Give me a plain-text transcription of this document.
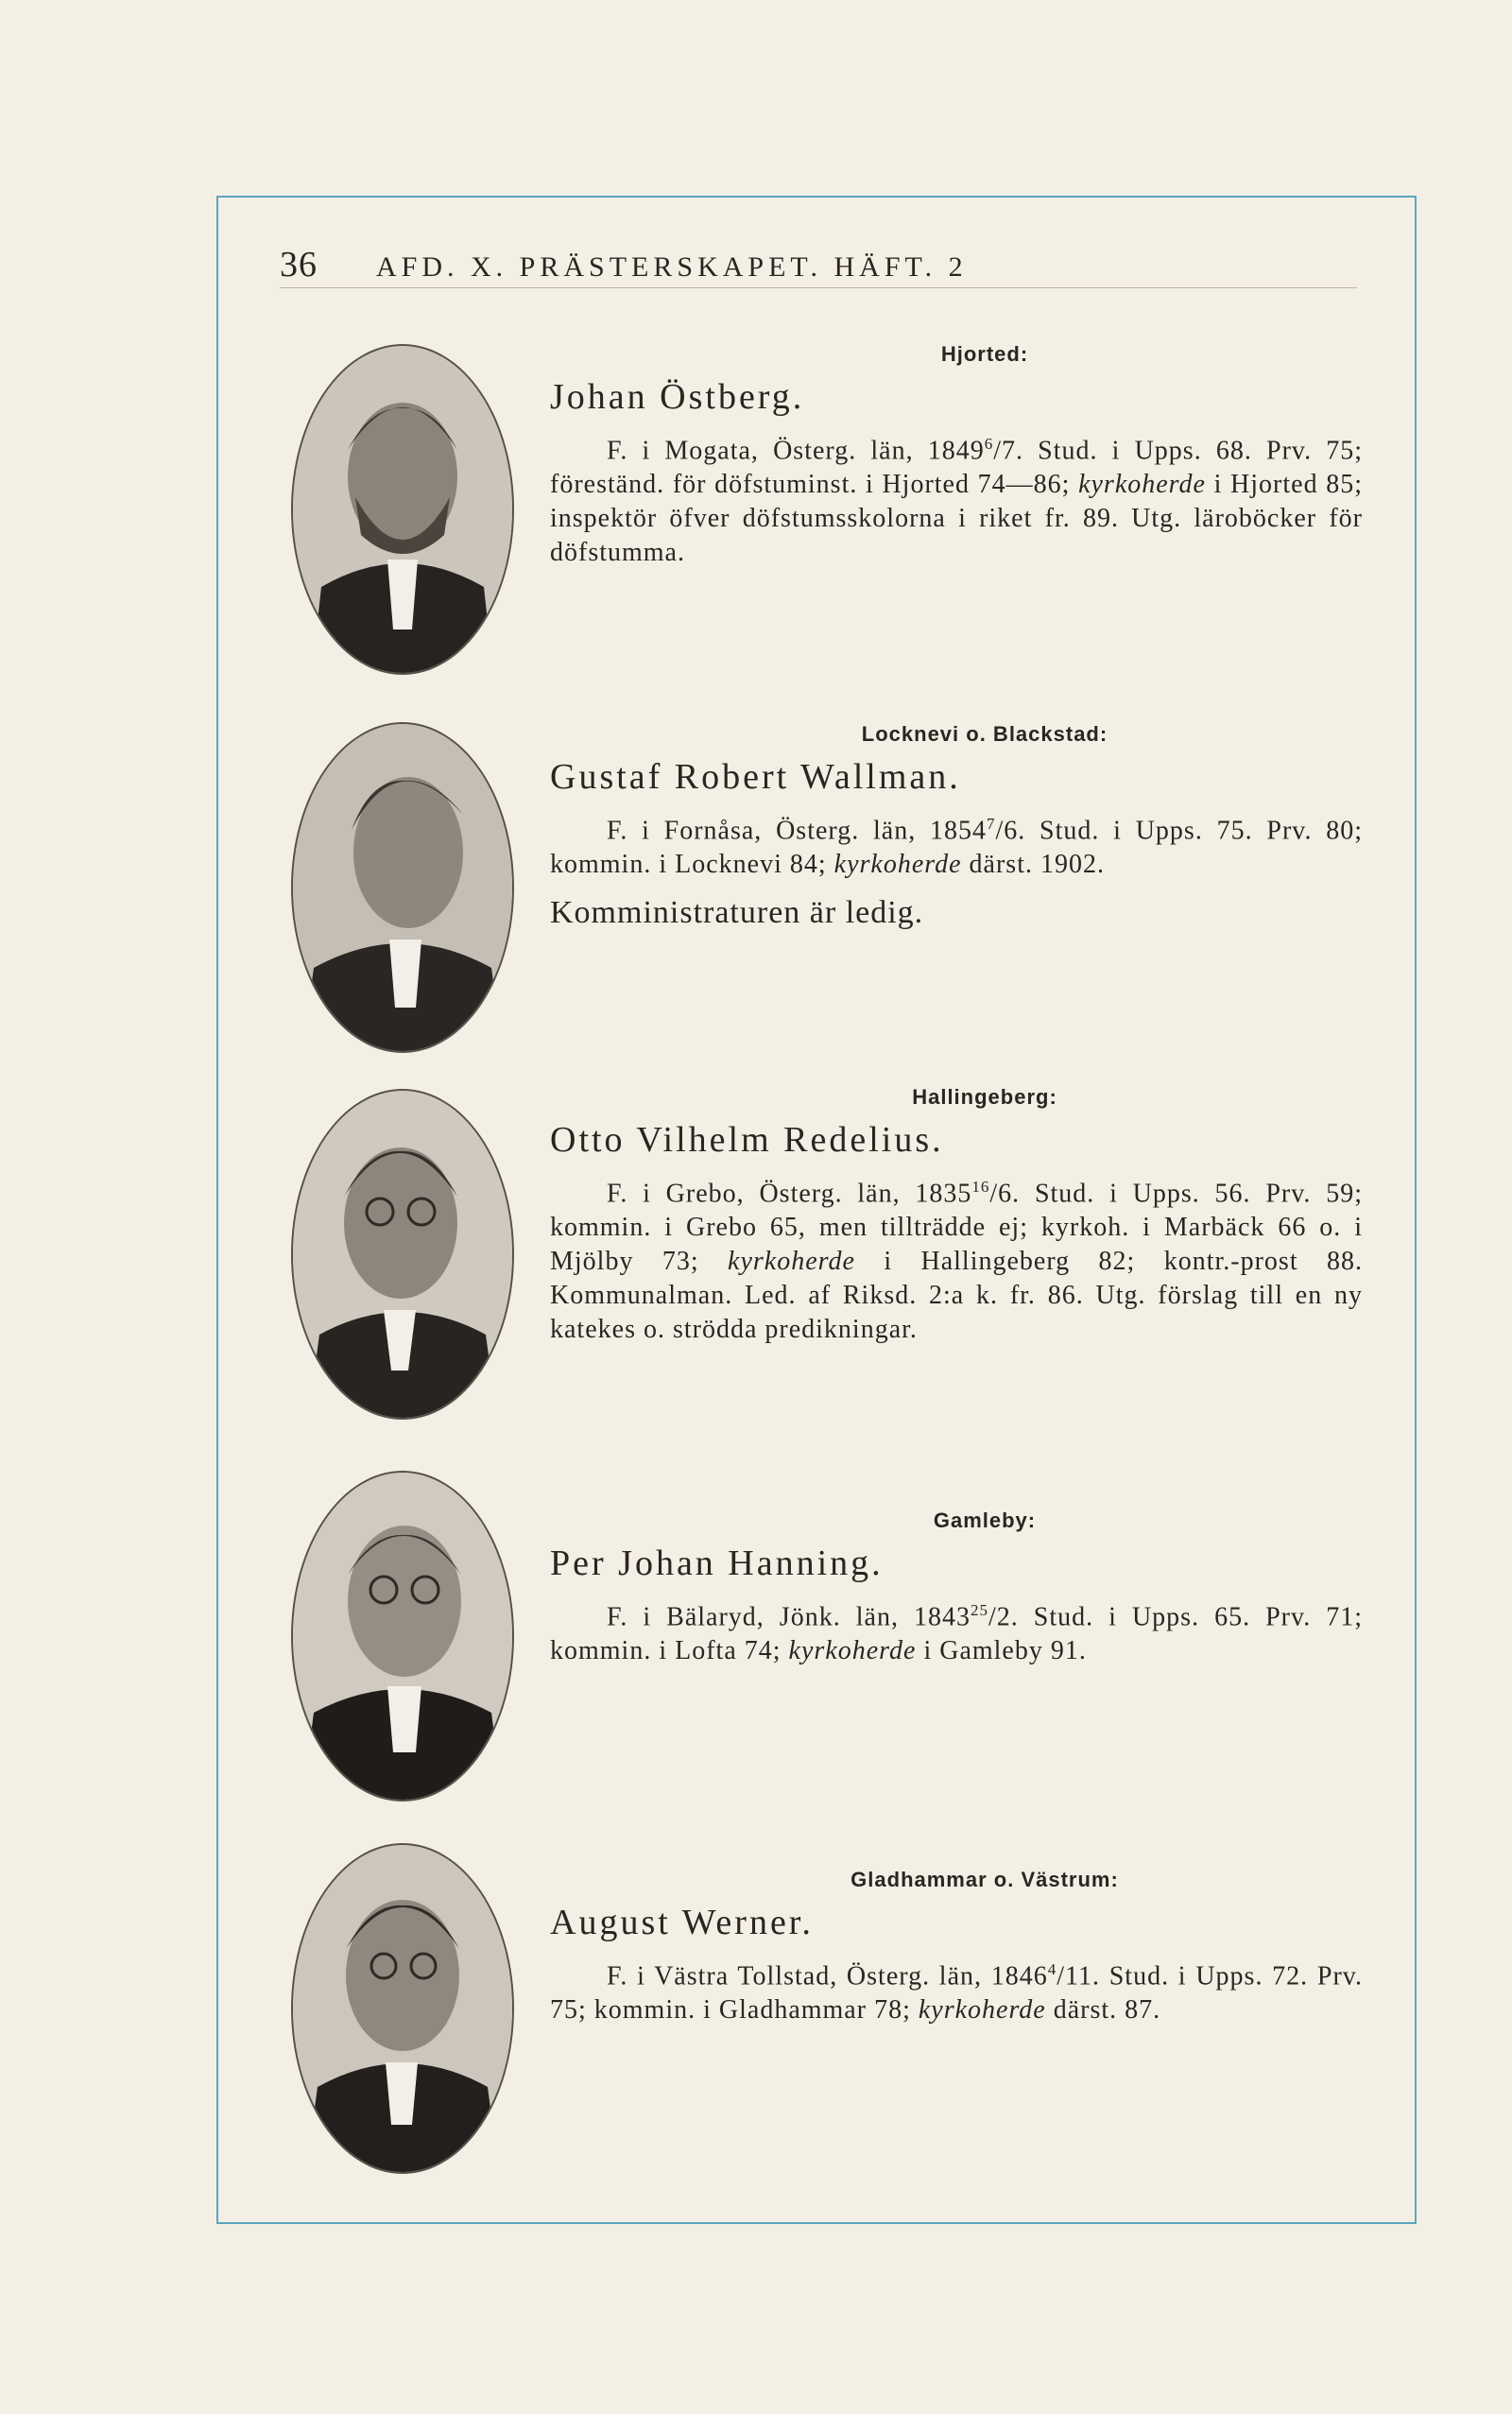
36 AFD. X. PRÄSTERSKAPET. HÄFT. 2
Hjorted:
Johan Östberg.
F. i Mogata, Österg. län, 1849$^6$/7. Stud. i Upps. 68. Prv. 75; föreständ. för döfstuminst. i Hjorted 74—86; kyrkoherde i Hjorted 85; inspektör öfver döfstumsskolorna i riket fr. 89. Utg. läroböcker för döfstumma.
Locknevi o. Blackstad:
Gustaf Robert Wallman.
F. i Fornåsa, Österg. län, 1854$^7$/6. Stud. i Upps. 75. Prv. 80; kommin. i Locknevi 84; kyrkoherde därst. 1902.
Komministraturen är ledig.
Hallingeberg:
Otto Vilhelm Redelius.
F. i Grebo, Österg. län, 1835$^{16}$/6. Stud. i Upps. 56. Prv. 59; kommin. i Grebo 65, men tillträdde ej; kyrkoh. i Marbäck 66 o. i Mjölby 73; kyrkoherde i Hallingeberg 82; kontr.-prost 88. Kommunalman. Led. af Riksd. 2:a k. fr. 86. Utg. förslag till en ny katekes o. strödda predikningar.
Gamleby:
Per Johan Hanning.
F. i Bälaryd, Jönk. län, 1843$^{25}$/2. Stud. i Upps. 65. Prv. 71; kommin. i Lofta 74; kyrkoherde i Gamleby 91.
Gladhammar o. Västrum:
August Werner.
F. i Västra Tollstad, Österg. län, 1846$^4$/11. Stud. i Upps. 72. Prv. 75; kommin. i Gladhammar 78; kyrkoherde därst. 87.
